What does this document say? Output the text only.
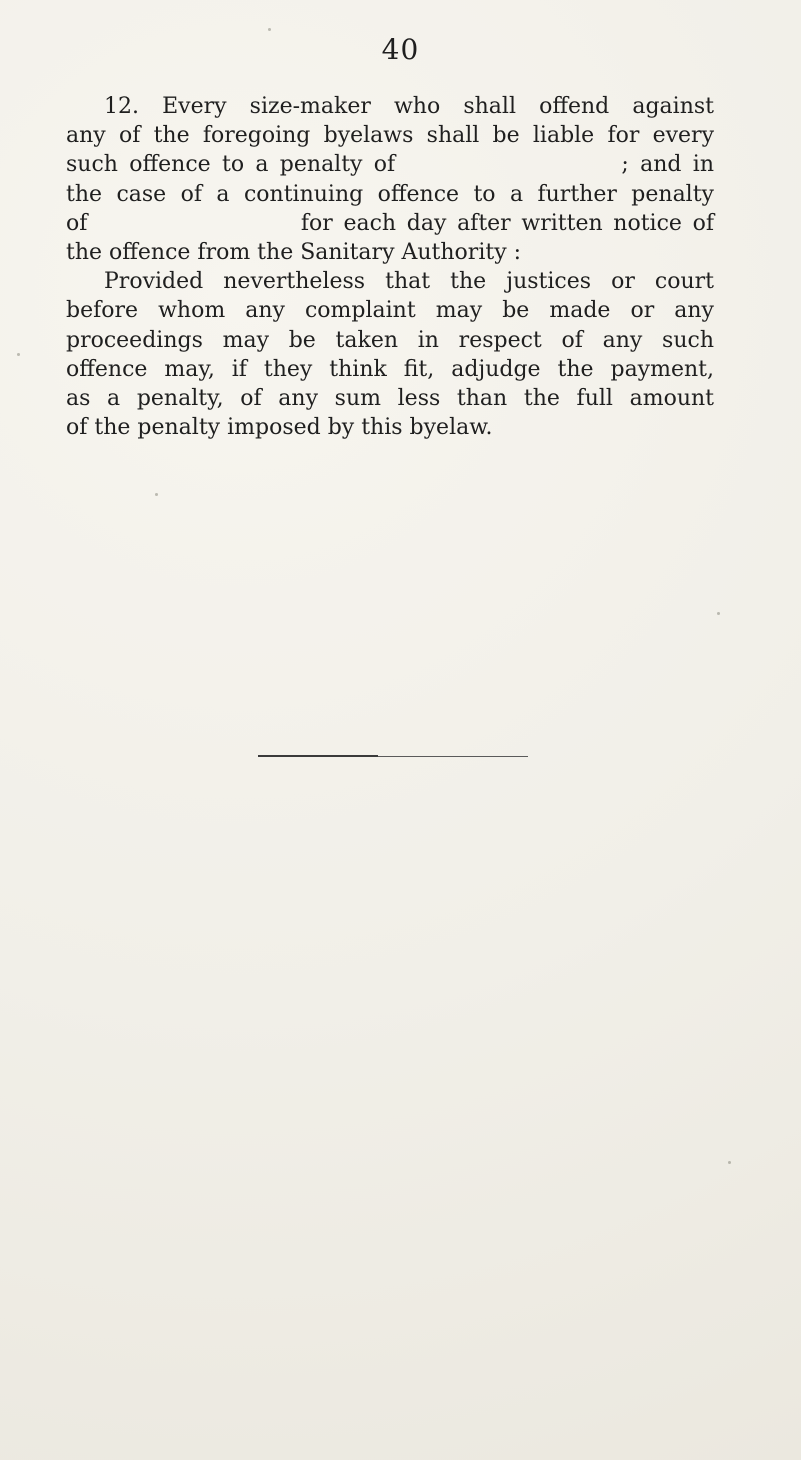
40
12. Every size-maker who shall offend against
any of the foregoing byelaws shall be liable for every
such offence to a penalty of                    ; and in
the case of a continuing offence to a further penalty
of                    for each day after written notice of
the offence from the Sanitary Authority :
Provided nevertheless that the justices or court
before whom any complaint may be made or any
proceedings may be taken in respect of any such
offence may, if they think fit, adjudge the payment,
as a penalty, of any sum less than the full amount
of the penalty imposed by this byelaw.
